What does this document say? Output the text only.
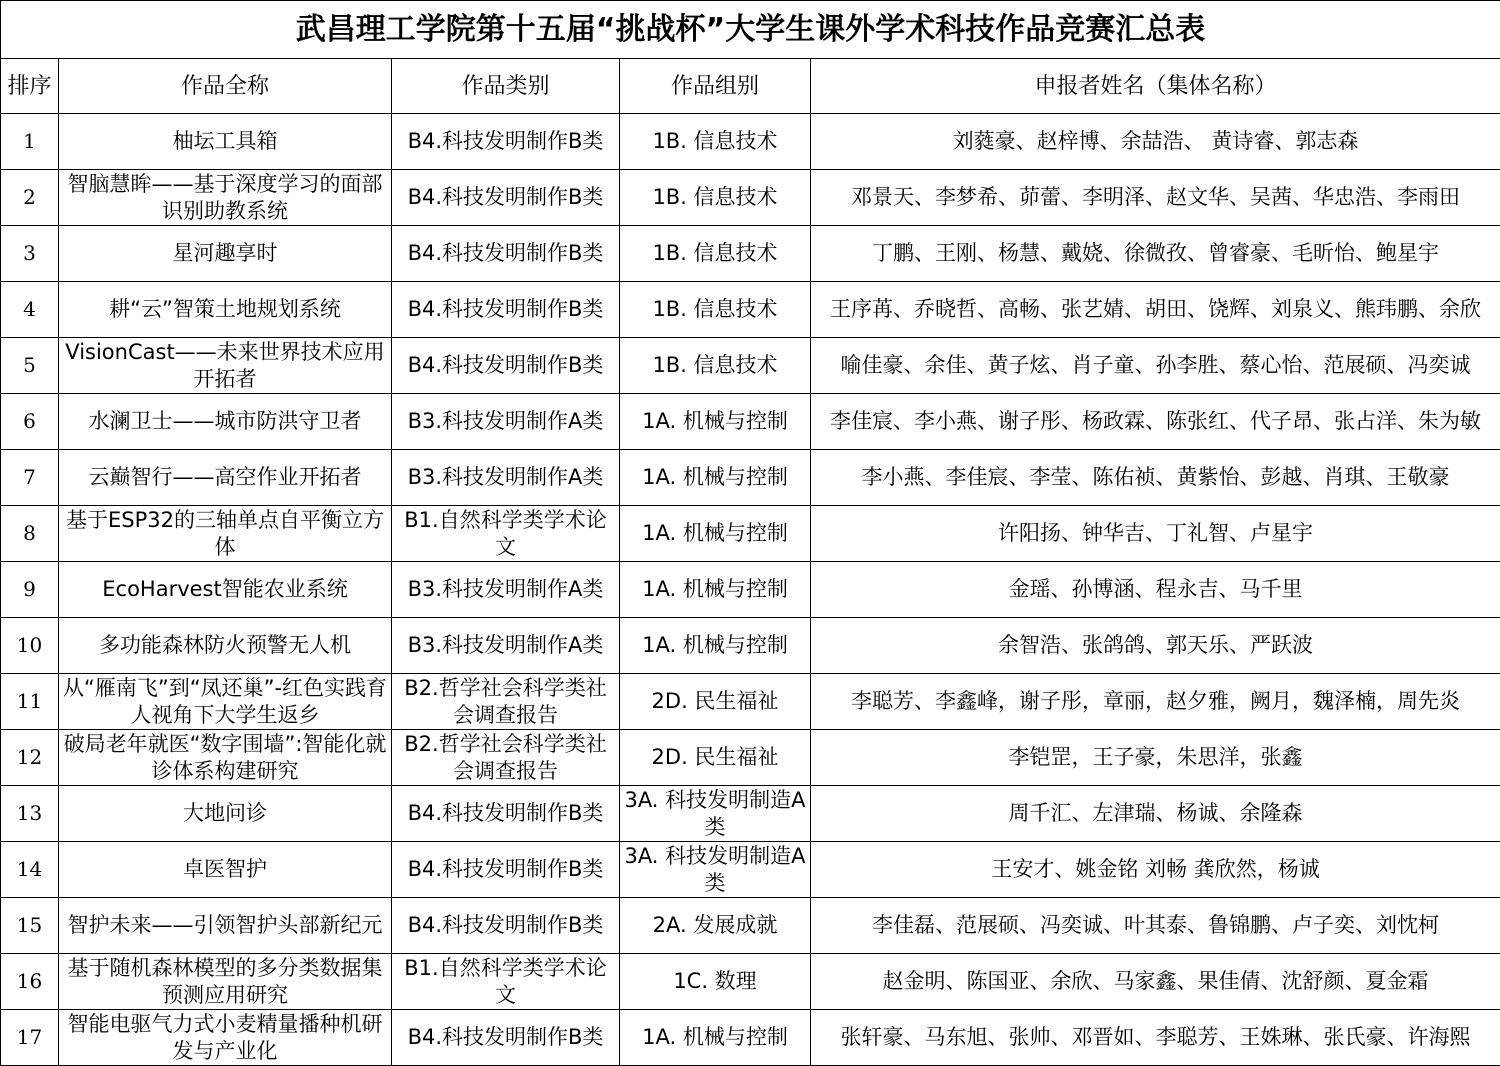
武昌理工学院第十五届“挑战杯”大学生课外学术科技作品竞赛汇总表				
排序	作品全称	作品类别	作品组别	申报者姓名（集体名称）

1	柚坛工具箱	B4.科技发明制作B类	1B. 信息技术	刘蕤豪、赵梓博、余喆浩、 黄诗睿、郭志森

2	智脑慧眸——基于深度学习的面部识别助教系统	B4.科技发明制作B类	1B. 信息技术	邓景天、李梦希、茆蕾、李明泽、赵文华、吴茜、华忠浩、李雨田

3	星河趣享时	B4.科技发明制作B类	1B. 信息技术	丁鹏、王刚、杨慧、戴娆、徐微孜、曾睿豪、毛昕怡、鲍星宇

4	耕“云”智策土地规划系统	B4.科技发明制作B类	1B. 信息技术	王序苒、乔晓哲、高畅、张艺婧、胡田、饶辉、刘泉义、熊玮鹏、余欣

5	VisionCast——未来世界技术应用开拓者	B4.科技发明制作B类	1B. 信息技术	喻佳豪、余佳、黄子炫、肖子童、孙李胜、蔡心怡、范展硕、冯奕诚

6	水澜卫士——城市防洪守卫者	B3.科技发明制作A类	1A. 机械与控制	李佳宸、李小燕、谢子彤、杨政霖、陈张红、代子昂、张占洋、朱为敏

7	云巅智行——高空作业开拓者	B3.科技发明制作A类	1A. 机械与控制	李小燕、李佳宸、李莹、陈佑祯、黄紫怡、彭越、肖琪、王敬豪

8	基于ESP32的三轴单点自平衡立方体	B1.自然科学类学术论文	1A. 机械与控制	许阳扬、钟华吉、丁礼智、卢星宇

9	EcoHarvest智能农业系统	B3.科技发明制作A类	1A. 机械与控制	金瑶、孙博涵、程永吉、马千里

10	多功能森林防火预警无人机	B3.科技发明制作A类	1A. 机械与控制	余智浩、张鸽鸽、郭天乐、严跃波

11	从“雁南飞”到“凤还巢”-红色实践育人视角下大学生返乡	B2.哲学社会科学类社会调查报告	2D. 民生福祉	李聪芳、李鑫峰，谢子彤，章丽，赵夕雅，阙月，魏泽楠，周先炎

12	破局老年就医“数字围墙”:智能化就诊体系构建研究	B2.哲学社会科学类社会调查报告	2D. 民生福祉	李铠罡，王子豪，朱思洋，张鑫

13	大地问诊	B4.科技发明制作B类	3A. 科技发明制造A类	周千汇、左津瑞、杨诚、余隆森

14	卓医智护	B4.科技发明制作B类	3A. 科技发明制造A类	王安才、姚金铭 刘畅 龚欣然，杨诚

15	智护未来——引领智护头部新纪元	B4.科技发明制作B类	2A. 发展成就	李佳磊、范展硕、冯奕诚、叶其泰、鲁锦鹏、卢子奕、刘忱柯

16	基于随机森林模型的多分类数据集预测应用研究	B1.自然科学类学术论文	1C. 数理	赵金明、陈国亚、余欣、马家鑫、果佳倩、沈舒颜、夏金霜

17	智能电驱气力式小麦精量播种机研发与产业化	B4.科技发明制作B类	1A. 机械与控制	张轩豪、马东旭、张帅、邓晋如、李聪芳、王姝琳、张氏豪、许海熙
